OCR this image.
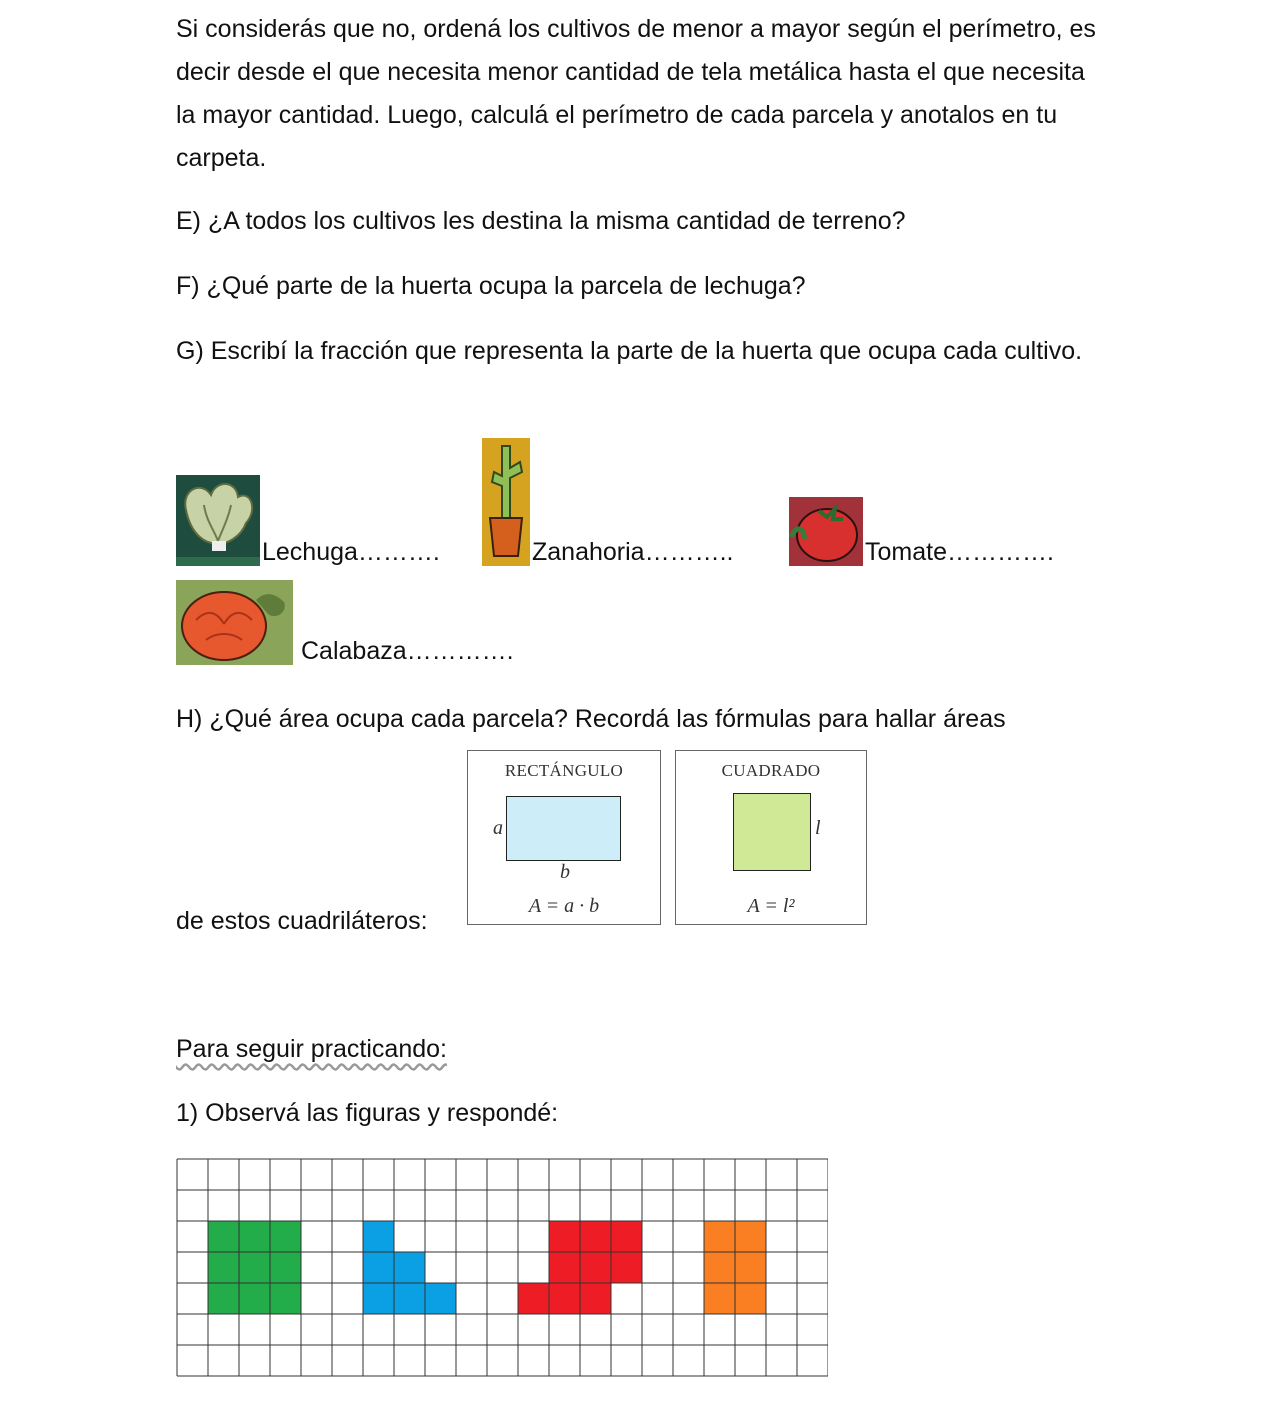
Si considerás que no, ordená los cultivos de menor a mayor según el perímetro, es decir desde el que necesita menor cantidad de tela metálica hasta el que necesita la mayor cantidad. Luego, calculá el perímetro de cada parcela y anotalos en tu carpeta.

E) ¿A todos los cultivos les destina la misma cantidad de terreno?

F) ¿Qué parte de la huerta ocupa la parcela de lechuga?

G) Escribí la fracción que representa la parte de la huerta que ocupa cada cultivo.

Lechuga……….	Zanahoria………..	Tomate………….
Calabaza………….

H) ¿Qué área ocupa cada parcela? Recordá las fórmulas para hallar áreas

de estos cuadriláteros:

RECTÁNGULO
a
b
A = a · b
CUADRADO
l
A = l²

Para seguir practicando:

1) Observá las figuras y respondé:
